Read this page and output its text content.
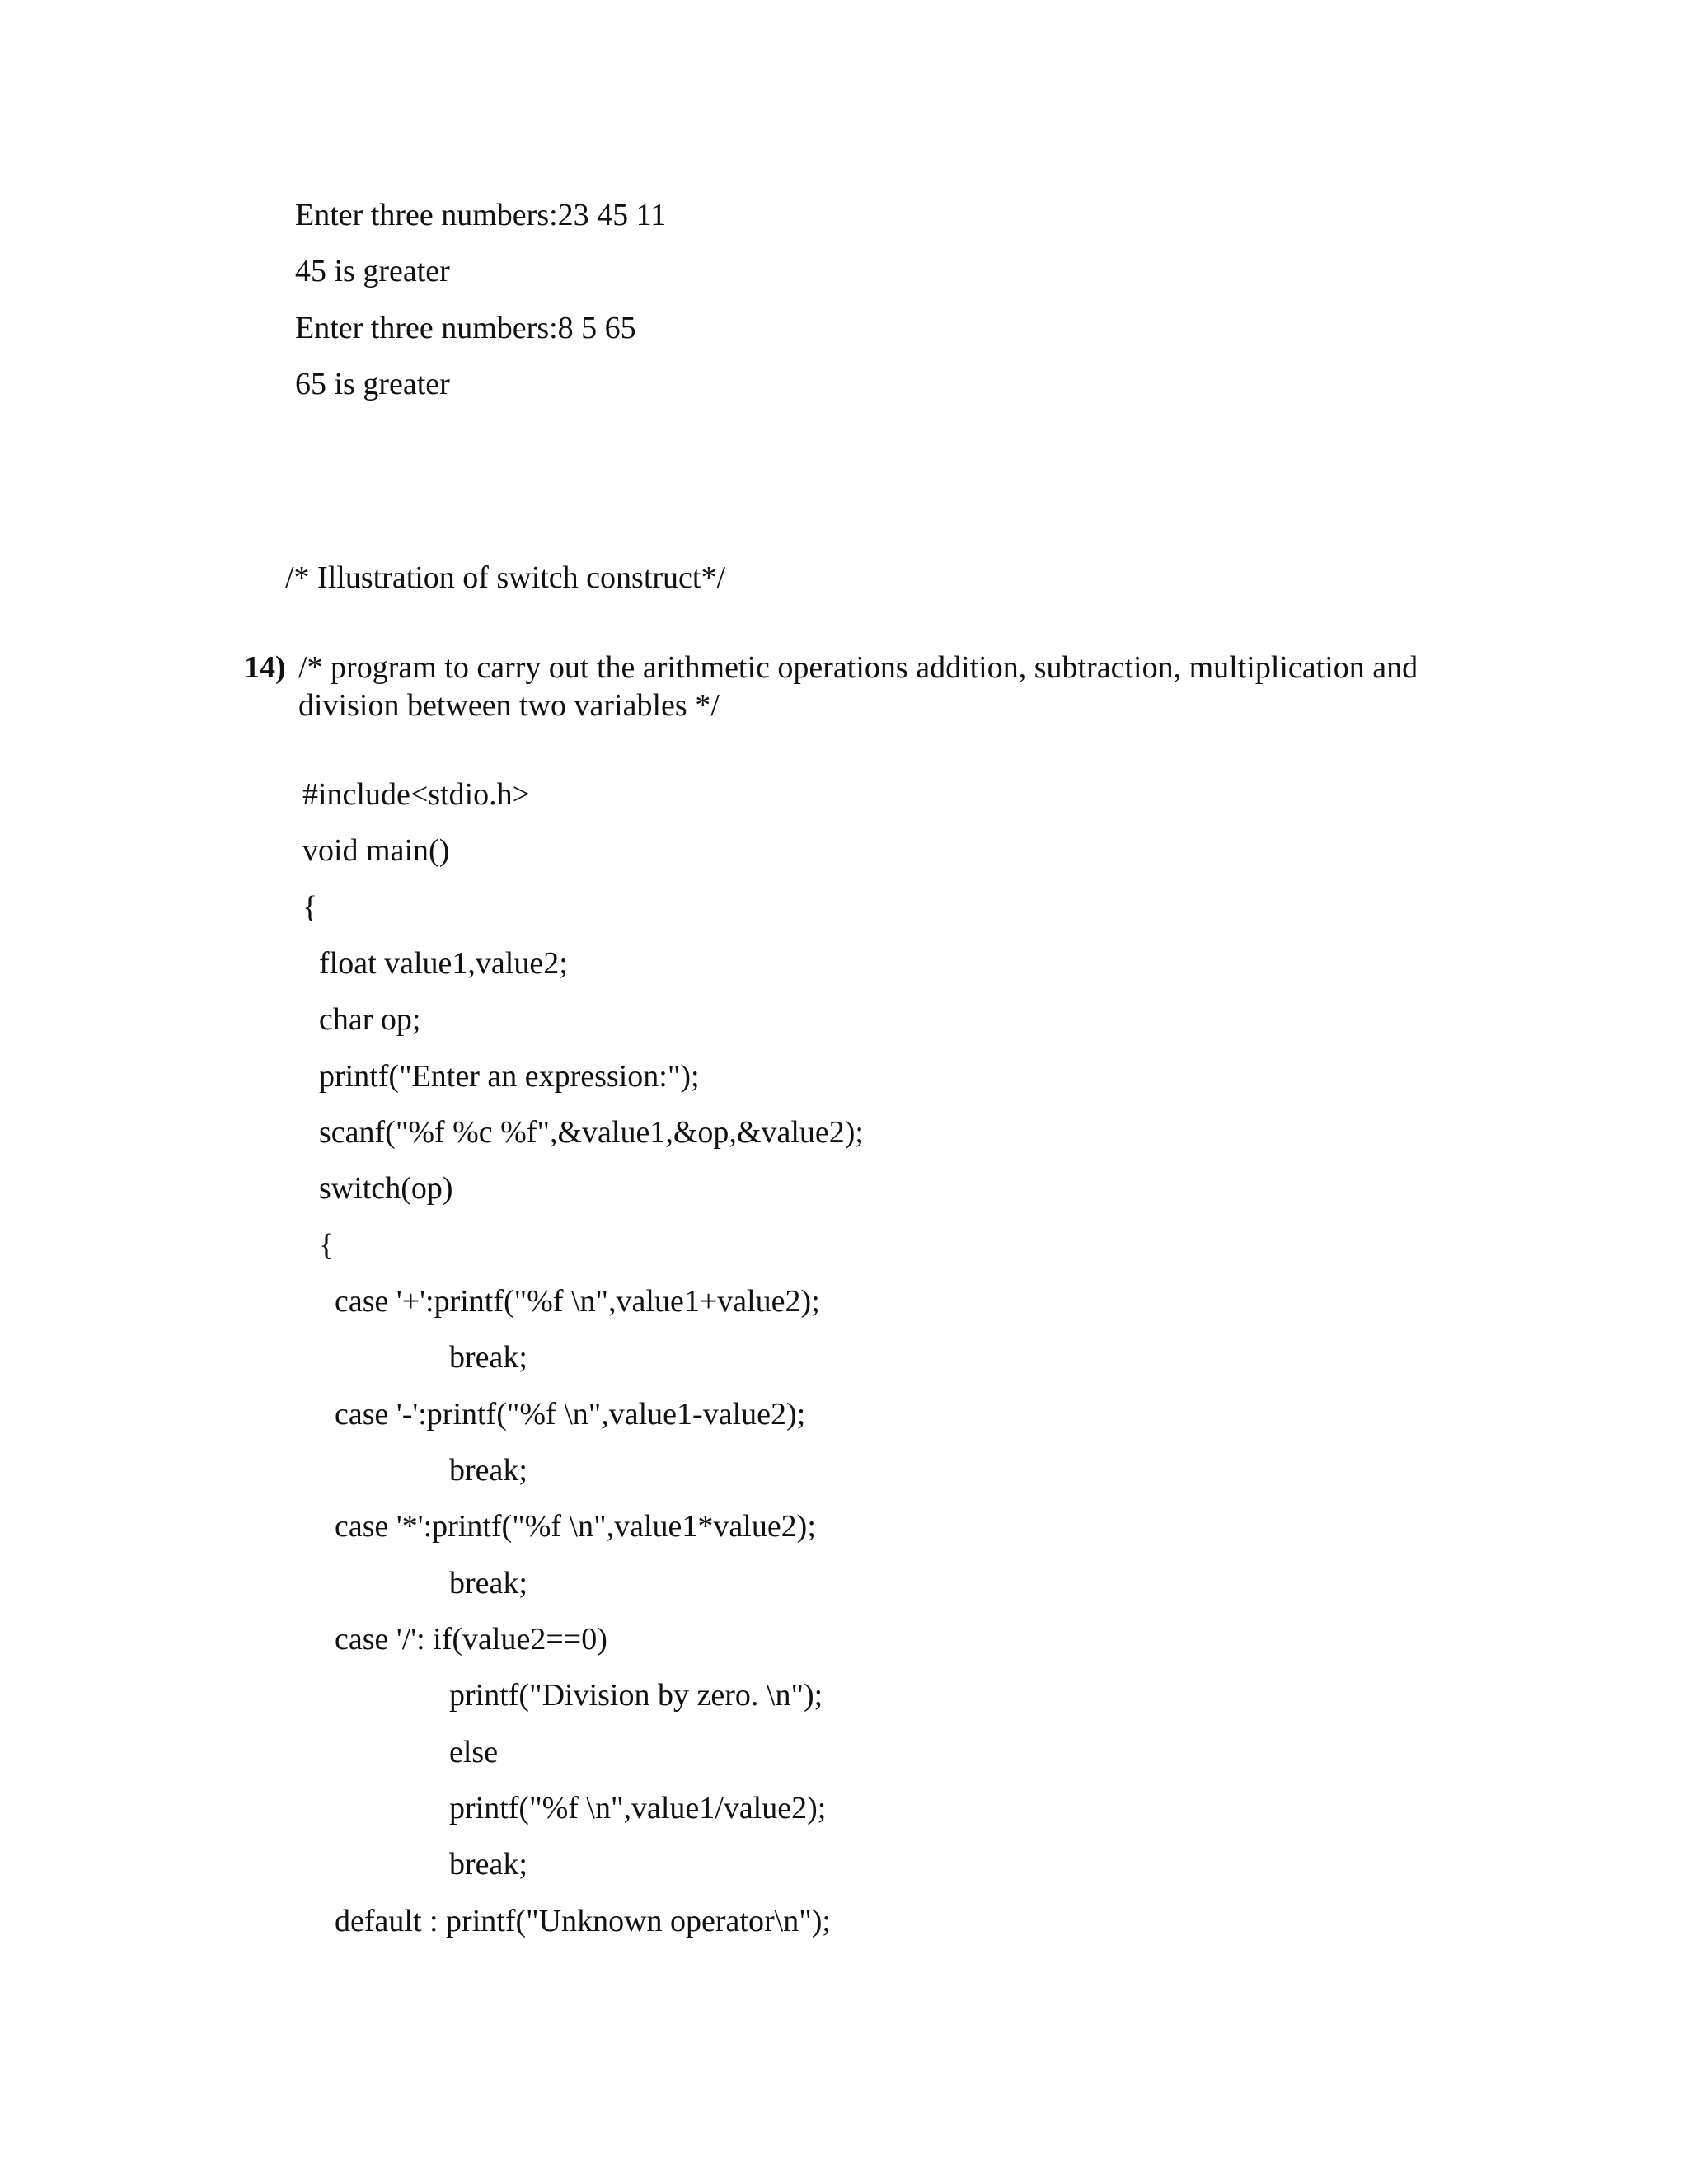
Enter three numbers:23 45 11
45 is greater
Enter three numbers:8 5 65
65 is greater
/* Illustration of switch construct*/
14) /* program to carry out the arithmetic operations addition, subtraction, multiplication and division between two variables */
#include<stdio.h>
void main()
{
float value1,value2;
char op;
printf("Enter an expression:");
scanf("%f %c %f",&value1,&op,&value2);
switch(op)
{
case '+':printf("%f \n",value1+value2);
break;
case '-':printf("%f \n",value1-value2);
break;
case '*':printf("%f \n",value1*value2);
break;
case '/': if(value2==0)
printf("Division by zero. \n");
else
printf("%f \n",value1/value2);
break;
default : printf("Unknown operator\n");
